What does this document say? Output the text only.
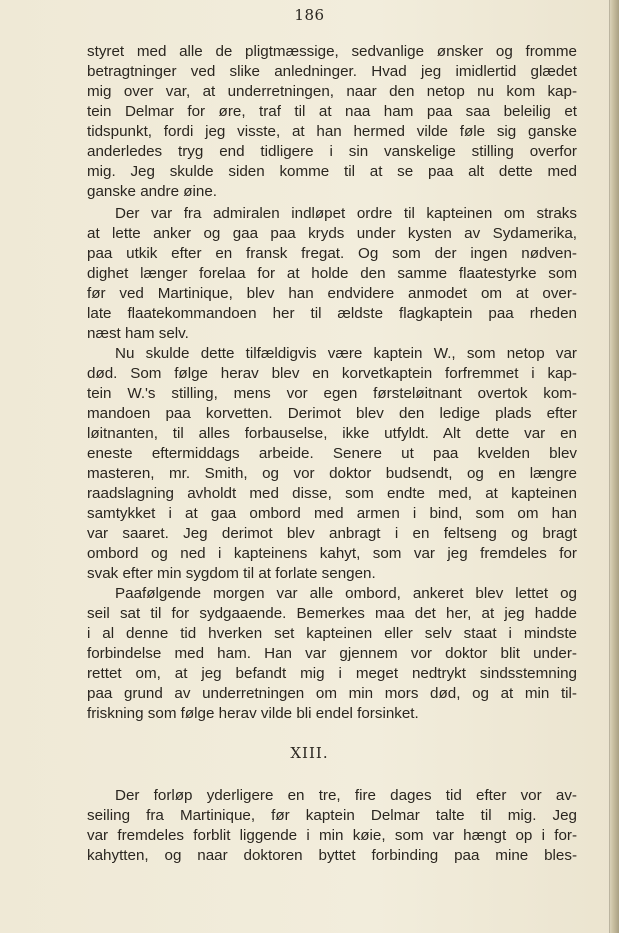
186
styret med alle de pligtmæssige, sedvanlige ønsker og fromme
betragtninger ved slike anledninger. Hvad jeg imidlertid glædet
mig over var, at underretningen, naar den netop nu kom kap-
tein Delmar for øre, traf til at naa ham paa saa beleilig et
tidspunkt, fordi jeg visste, at han hermed vilde føle sig ganske
anderledes tryg end tidligere i sin vanskelige stilling overfor
mig. Jeg skulde siden komme til at se paa alt dette med
ganske andre øine.
Der var fra admiralen indløpet ordre til kapteinen om straks
at lette anker og gaa paa kryds under kysten av Sydamerika,
paa utkik efter en fransk fregat. Og som der ingen nødven-
dighet længer forelaa for at holde den samme flaatestyrke som
før ved Martinique, blev han endvidere anmodet om at over-
late flaatekommandoen her til ældste flagkaptein paa rheden
næst ham selv.
Nu skulde dette tilfældigvis være kaptein W., som netop var
død. Som følge herav blev en korvetkaptein forfremmet i kap-
tein W.'s stilling, mens vor egen førsteløitnant overtok kom-
mandoen paa korvetten. Derimot blev den ledige plads efter
løitnanten, til alles forbauselse, ikke utfyldt. Alt dette var en
eneste eftermiddags arbeide. Senere ut paa kvelden blev
masteren, mr. Smith, og vor doktor budsendt, og en længre
raadslagning avholdt med disse, som endte med, at kapteinen
samtykket i at gaa ombord med armen i bind, som om han
var saaret. Jeg derimot blev anbragt i en feltseng og bragt
ombord og ned i kapteinens kahyt, som var jeg fremdeles for
svak efter min sygdom til at forlate sengen.
Paafølgende morgen var alle ombord, ankeret blev lettet og
seil sat til for sydgaaende. Bemerkes maa det her, at jeg hadde
i al denne tid hverken set kapteinen eller selv staat i mindste
forbindelse med ham. Han var gjennem vor doktor blit under-
rettet om, at jeg befandt mig i meget nedtrykt sindsstemning
paa grund av underretningen om min mors død, og at min til-
friskning som følge herav vilde bli endel forsinket.
XIII.
Der forløp yderligere en tre, fire dages tid efter vor av-
seiling fra Martinique, før kaptein Delmar talte til mig. Jeg
var fremdeles forblit liggende i min køie, som var hængt op i for-
kahytten, og naar doktoren byttet forbinding paa mine bles-
